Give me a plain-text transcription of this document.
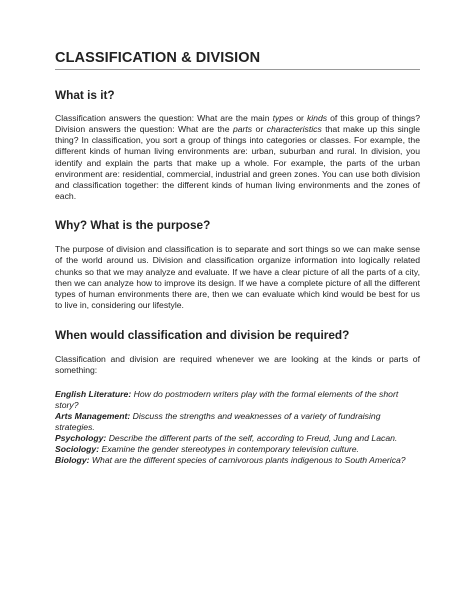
CLASSIFICATION & DIVISION
What is it?

Classification answers the question: What are the main types or kinds of this group of things? Division answers the question: What are the parts or characteristics that make up this single thing? In classification, you sort a group of things into categories or classes. For example, the different kinds of human living environments are: urban, suburban and rural. In division, you identify and explain the parts that make up a whole. For example, the parts of the urban environment are: residential, commercial, industrial and green zones. You can use both division and classification together: the different kinds of human living environments and the zones of each.

Why? What is the purpose?

The purpose of division and classification is to separate and sort things so we can make sense of the world around us. Division and classification organize information into logically related chunks so that we may analyze and evaluate. If we have a clear picture of all the parts of a city, then we can analyze how to improve its design. If we have a complete picture of all the different types of human environments there are, then we can evaluate which kind would be best for us to live in, considering our lifestyle.

When would classification and division be required?

Classification and division are required whenever we are looking at the kinds or parts of something:

English Literature: How do postmodern writers play with the formal elements of the short story?
Arts Management: Discuss the strengths and weaknesses of a variety of fundraising strategies.
Psychology: Describe the different parts of the self, according to Freud, Jung and Lacan.
Sociology: Examine the gender stereotypes in contemporary television culture.
Biology: What are the different species of carnivorous plants indigenous to South America?
